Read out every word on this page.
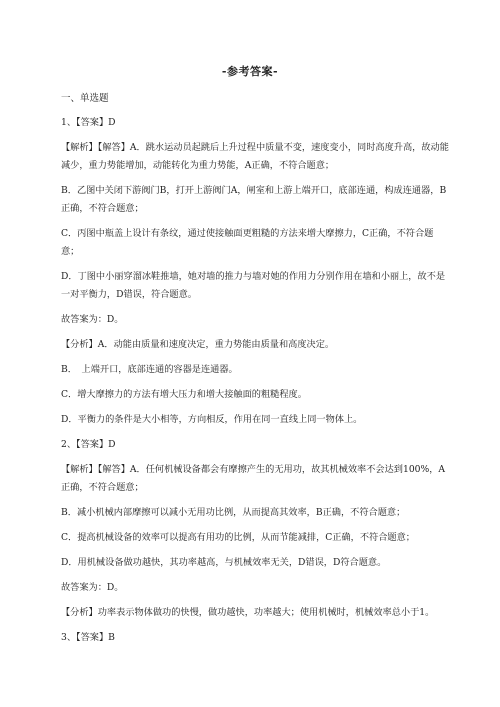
-参考答案-
一、单选题

1、【答案】D

【解析】【解答】A．跳水运动员起跳后上升过程中质量不变，速度变小，同时高度升高，故动能减少，重力势能增加，动能转化为重力势能，A正确，不符合题意；

B．乙图中关闭下游阀门B，打开上游阀门A，闸室和上游上端开口，底部连通，构成连通器，B正确，不符合题意；

C．丙图中瓶盖上设计有条纹，通过使接触面更粗糙的方法来增大摩擦力，C正确，不符合题意；

D．丁图中小丽穿溜冰鞋推墙，她对墙的推力与墙对她的作用力分别作用在墙和小丽上，故不是一对平衡力，D错误，符合题意。

故答案为：D。

【分析】A．动能由质量和速度决定，重力势能由质量和高度决定。

B．　上端开口，底部连通的容器是连通器。

C．增大摩擦力的方法有增大压力和增大接触面的粗糙程度。

D．平衡力的条件是大小相等，方向相反，作用在同一直线上同一物体上。

2、【答案】D

【解析】【解答】A．任何机械设备都会有摩擦产生的无用功，故其机械效率不会达到100%，A正确，不符合题意；

B．减小机械内部摩擦可以减小无用功比例，从而提高其效率，B正确，不符合题意；

C．提高机械设备的效率可以提高有用功的比例，从而节能减排，C正确，不符合题意；

D．用机械设备做功越快，其功率越高，与机械效率无关，D错误，D符合题意。

故答案为：D。

【分析】功率表示物体做功的快慢，做功越快，功率越大；使用机械时，机械效率总小于1。

3、【答案】B
